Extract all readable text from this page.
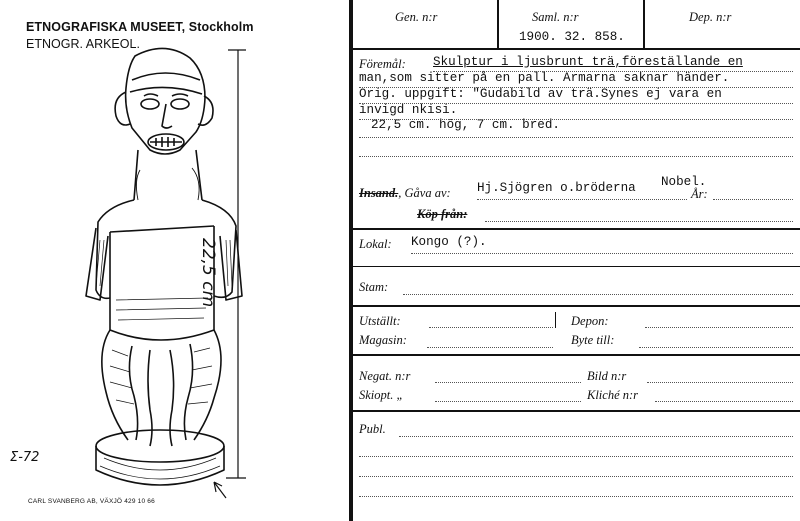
ETNOGRAFISKA MUSEET, Stockholm
ETNOGR. ARKEOL.
22,5 cm
Σ-72
CARL SVANBERG AB, VÄXJÖ 429 10 66
Gen. n:r	Saml. n:r
1900. 32. 858.
Dep. n:r
Föremål: Skulptur i ljusbrunt trä,föreställande en
man,som sitter på en pall. Armarna saknar händer.
Orig. uppgift: "Gudabild av trä.Synes ej vara en
invigd nkisi.
22,5 cm. hög, 7 cm. bred.
Insand., Gåva av: Hj.Sjögren o.bröderna Nobel.
År:
Köp från:
Lokal: Kongo (?).
Stam:
Utställt:	Depon:
Magasin:	Byte till:
Negat. n:r	Bild n:r
Skiopt. „	Kliché n:r
Publ.
